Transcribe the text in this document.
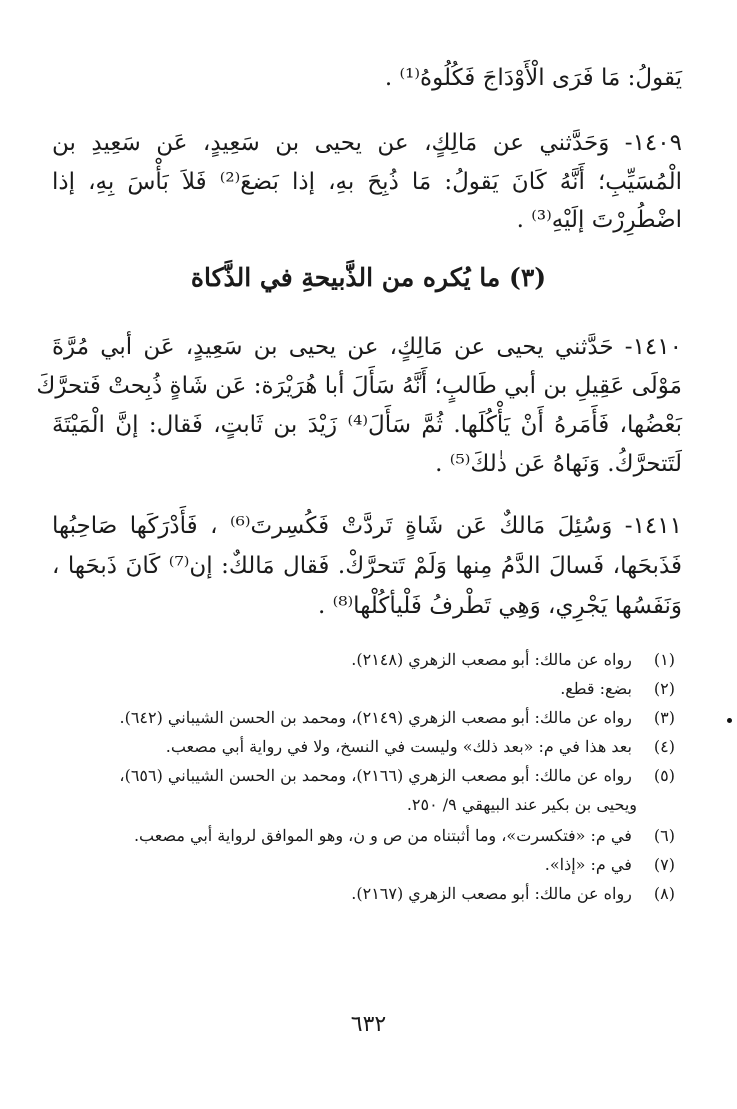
يَقولُ: مَا فَرَى الْأَوْدَاجَ فَكُلُوهُ⁽¹⁾ .
١٤٠٩- وَحَدَّثني عن مَالِكٍ، عن يحيى بن سَعِيدٍ، عَن سَعِيدِ بن
الْمُسَيِّبِ؛ أَنَّهُ كَانَ يَقولُ: مَا ذُبِحَ بهِ، إذا بَضعَ⁽²⁾ فَلاَ بَأْسَ بِهِ، إذا
اضْطُرِرْتَ إلَيْهِ⁽³⁾ .
(٣) ما يُكره من الذَّبيحةِ في الذَّكاة
١٤١٠- حَدَّثني يحيى عن مَالِكٍ، عن يحيى بن سَعِيدٍ، عَن أبي مُرَّةَ
مَوْلَى عَقِيلِ بن أبي طَالبٍ؛ أَنَّهُ سَأَلَ أبا هُرَيْرَة: عَن شَاةٍ ذُبِحتْ فَتحرَّكَ
بَعْضُها، فَأَمَرهُ أَنْ يَأْكُلَها. ثُمَّ سَأَلَ⁽⁴⁾ زَيْدَ بن ثَابتٍ، فَقال: إنَّ الْمَيْتَةَ
لَتَتحرَّكُ. وَنَهاهُ عَن ذٰلكَ⁽⁵⁾ .
١٤١١- وَسُئِلَ مَالكٌ عَن شَاةٍ تَردَّتْ فَكُسِرتَ⁽⁶⁾ ، فَأَدْرَكَها صَاحِبُها
فَذَبحَها، فَسالَ الدَّمُ مِنها وَلَمْ تَتحرَّكْ. فَقال مَالكٌ: إن⁽⁷⁾ كَانَ ذَبحَها ،
وَنَفَسُها يَجْرِي، وَهِي تَطْرفُ فَلْيأكُلْها⁽⁸⁾ .
(١) رواه عن مالك: أبو مصعب الزهري (٢١٤٨).
(٢) بضع: قطع.
(٣) رواه عن مالك: أبو مصعب الزهري (٢١٤٩)، ومحمد بن الحسن الشيباني (٦٤٢).
(٤) بعد هذا في م: «بعد ذلك» وليست في النسخ، ولا في رواية أبي مصعب.
(٥) رواه عن مالك: أبو مصعب الزهري (٢١٦٦)، ومحمد بن الحسن الشيباني (٦٥٦)،
ويحيى بن بكير عند البيهقي ٩/ ٢٥٠.
(٦) في م: «فتكسرت»، وما أثبتناه من ص و ن، وهو الموافق لرواية أبي مصعب.
(٧) في م: «إذا».
(٨) رواه عن مالك: أبو مصعب الزهري (٢١٦٧).
٦٣٢
